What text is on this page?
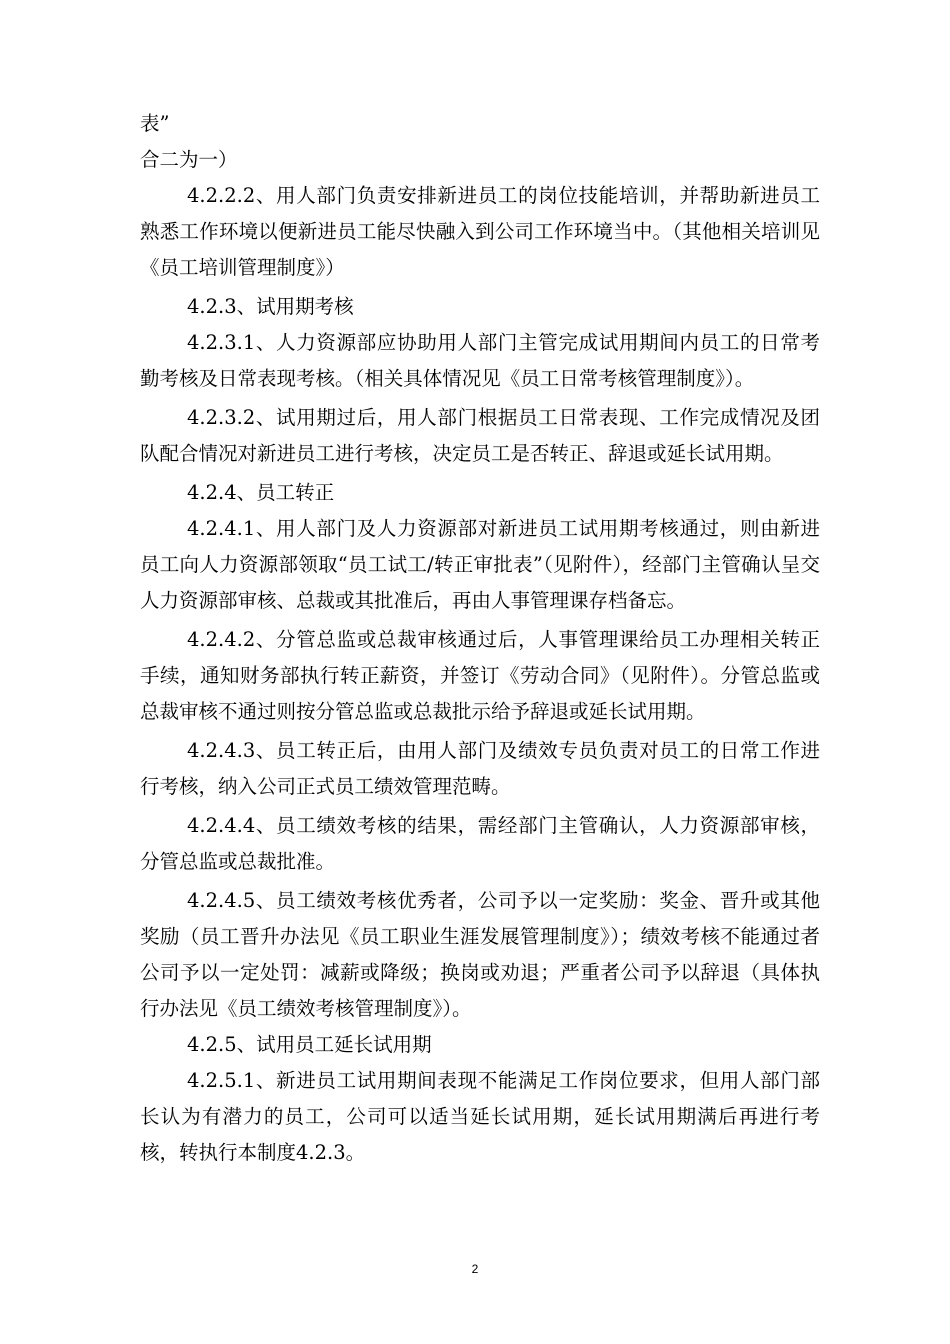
表”

合二为一）

4.2.2.2、用人部门负责安排新进员工的岗位技能培训，并帮助新进员工熟悉工作环境以便新进员工能尽快融入到公司工作环境当中。（其他相关培训见《员工培训管理制度》）

4.2.3、试用期考核

4.2.3.1、人力资源部应协助用人部门主管完成试用期间内员工的日常考勤考核及日常表现考核。（相关具体情况见《员工日常考核管理制度》）。

4.2.3.2、试用期过后，用人部门根据员工日常表现、工作完成情况及团队配合情况对新进员工进行考核，决定员工是否转正、辞退或延长试用期。

4.2.4、员工转正

4.2.4.1、用人部门及人力资源部对新进员工试用期考核通过，则由新进员工向人力资源部领取“员工试工/转正审批表”（见附件），经部门主管确认呈交人力资源部审核、总裁或其批准后，再由人事管理课存档备忘。

4.2.4.2、分管总监或总裁审核通过后，人事管理课给员工办理相关转正手续，通知财务部执行转正薪资，并签订《劳动合同》（见附件）。分管总监或总裁审核不通过则按分管总监或总裁批示给予辞退或延长试用期。

4.2.4.3、员工转正后，由用人部门及绩效专员负责对员工的日常工作进行考核，纳入公司正式员工绩效管理范畴。

4.2.4.4、员工绩效考核的结果，需经部门主管确认，人力资源部审核，分管总监或总裁批准。

4.2.4.5、员工绩效考核优秀者，公司予以一定奖励：奖金、晋升或其他奖励（员工晋升办法见《员工职业生涯发展管理制度》）；绩效考核不能通过者公司予以一定处罚：减薪或降级；换岗或劝退；严重者公司予以辞退（具体执行办法见《员工绩效考核管理制度》）。

4.2.5、试用员工延长试用期

4.2.5.1、新进员工试用期间表现不能满足工作岗位要求，但用人部门部长认为有潜力的员工，公司可以适当延长试用期，延长试用期满后再进行考核，转执行本制度4.2.3。

2
